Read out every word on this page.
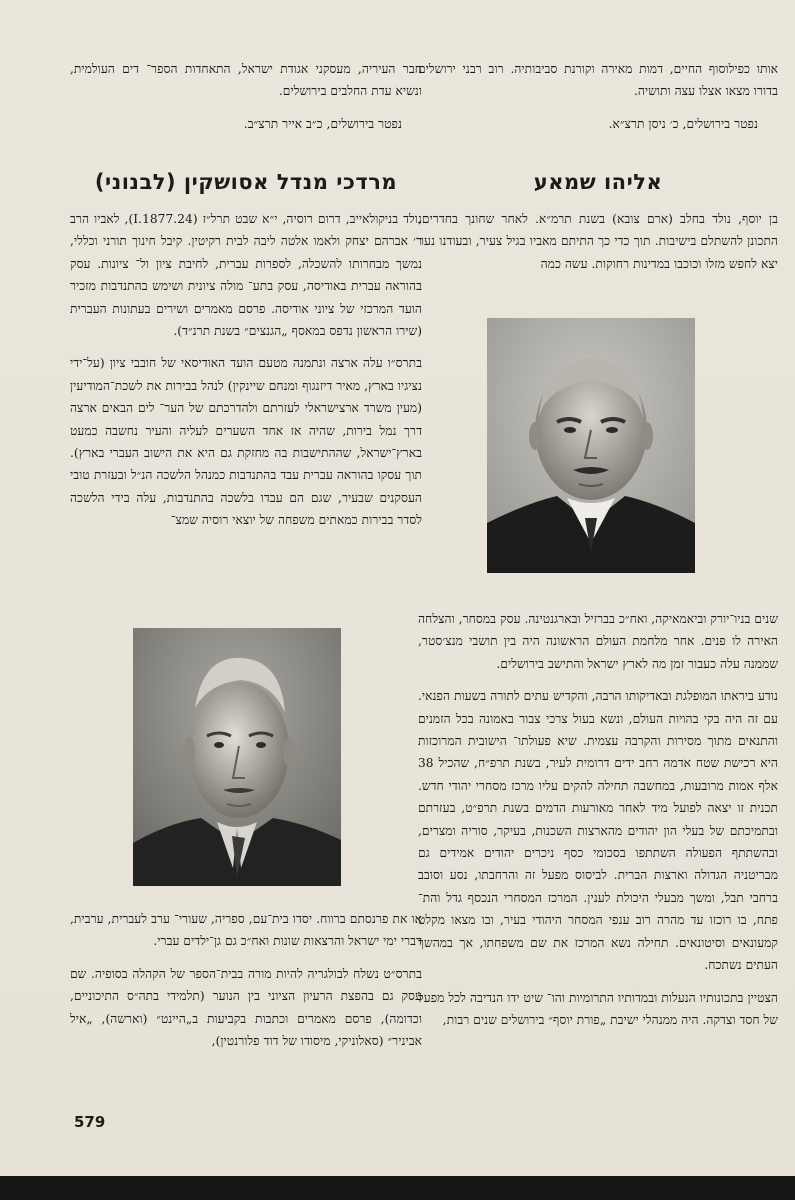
אותו כפילוסוף החיים, דמות מאירה וקורנת סביבותיה. רוב רבני ירושלים בדורו מצאו אצלו עצה ותושיה.

נפטר בירושלים, כ׳ ניסן תרצ״א.

אליהו שמאע

בן יוסף, נולד בחלב (ארם צובא) בשנת תרמ״א. לאחר שחונך בחדרים, התכונן להשתלם בישיבות. תוך כדי כך התיתם מאביו בגיל צעיר, ובעודנו נער יצא לחפש מזלו וכוכבו במדינות רחוקות. עשה כמה

שנים בניו־יורק וביאמאיקה, ואח״כ בברזיל ובארגנטינה. עסק במסחר, והצלחה האירה לו פנים. אחר מלחמת העולם הראשונה היה בין תושבי מנצ׳סטר, שממנה עלה כעבור זמן מה לארץ ישראל והתישב בירושלים.

נודע ביראתו המופלגת ובאדיקותו הרבה, והקדיש עתים לתורה בשעות הפנאי. עם זה היה בקי בהויות העולם, ונשא בעול צרכי צבור באמונה בכל הזמנים והתנאים מתוך מסירות והקרבה עצמית. שיא פעולתו־ הישובית המרוכזות היא רכישת שטח אדמה רחב ידים דרומית לעיר, בשנת תרפ״ח, שהכיל 38 אלף אמות מרובעות, במחשבה תחילה להקים עליו מרכז מסחרי יהודי חדש. תכנית זו יצאה לפועל מיד לאחר מאורעות הדמים בשנת תרפ״ט, בעזרתם ובתמיכתם של בעלי הון יהודים מהארצות השכנות, בעיקר, סוריה ומצרים, ובהשתתף הפעולה השתתפו בסכומי כסף ניכרים יהודים אמידים גם מבריטניה הגדולה וארצות הברית. לביסוס מפעל זה והרחבתו, נסע וסובב ברחבי תבל, ומשך מבעלי היכולת לענין. המרכז המסחרי הנכסף גדל והת־ פתח, בו רוכזו עד מהרה רוב ענפי המסחר היהודי בעיר, ובו מצאו מקלט קמעונאים וסיטונאים. תחילה נשא המרכז את שם משפחתו, אך במהשך העתים נשתכח.

הצטיין בתכונותיו הנעלות ובמדותיו התרומיות והו־ שיט ידו הנדיבה לכל מפעל של חסד וצדקה. היה ממנהלי ישיבת „פורת יוסף״ בירושלים שנים רבות,

חבר העיריה, מעסקני אגודת ישראל, התאחדות הספר־ דים העולמית, ונשיא עדת החלבים בירושלים.

נפטר בירושלים, כ״ב אייר תרצ״ב.

מרדכי מנדל אסושקין (לבנוני)

נולד בניקולאייב, דרום רוסיה, י״א שבט תרל״ז (24.I.1877), לאביו הרב ר׳ אברהם יצחק ולאמו אלטה ליבה לבית רקיטין. קיבל חינוך תורני וכללי, נמשך מבחרותו להשכלה, לספרות עברית, לחיבת ציון ול־ ציונות. עסק בהוראה עברית באודיסה, עסק בתע־ מולה ציונית ושימש בהתנדבות מזכיר הועד המרכזי של ציוני אודיסה. פרסם מאמרים ושירים בעתונות העברית (שירו הראשון נדפס במאסף „הגנצים״ בשנת תרנ״ד).

בתרס״ו עלה ארצה ונתמנה מטעם הועד האודיסאי של חובבי ציון (על־ידי נציגיו בארץ, מאיר דיזנגוף ומנחם שיינקין) לנהל בבירות את לשכת־המודיעין (מעין משרד ארצישראלי לעזרתם ולהדרכתם של הער־ לים הבאים ארצה דרך נמל בירות, שהיה אז אחד השערים לעליה והעיר נחשבה כמעט בארץ־ישראל, שההתישבות בה מחזקת גם היא את הישוב העברי בארץ). תוך עסקו בהוראה עברית עבד בהתנדבות כמנהל הלשכה הנ״ל ובעזרת טובי העסקנים שבעיר, שגם הם עבדו בלשכה בהתנדבות, עלה בידי הלשכה לסדר בבירות כמאתים משפחה של יוצאי רוסיה שמצ־

או את פרנסתם ברווח. יסדו בית־עם, ספריה, שעורי־ ערב לעברית, ערבית, דברי ימי ישראל והרצאות שונות ואח״כ גם גן־ילדים עברי.

בתרס״ט נשלח לבולגריה להיות מורה בבית־הספר של הקהלה בסופיה. שם עסק גם בהפצת הרעיון הציוני בין הנוער (תלמידי בתה״ס התיכוניים, וכדומה), פרסם מאמרים וכתבות בקביעות ב„היינט״ (וארשה), „איל אביניר״ (סאלוניקי, מיסודו של דוד פלורנטין),

579
